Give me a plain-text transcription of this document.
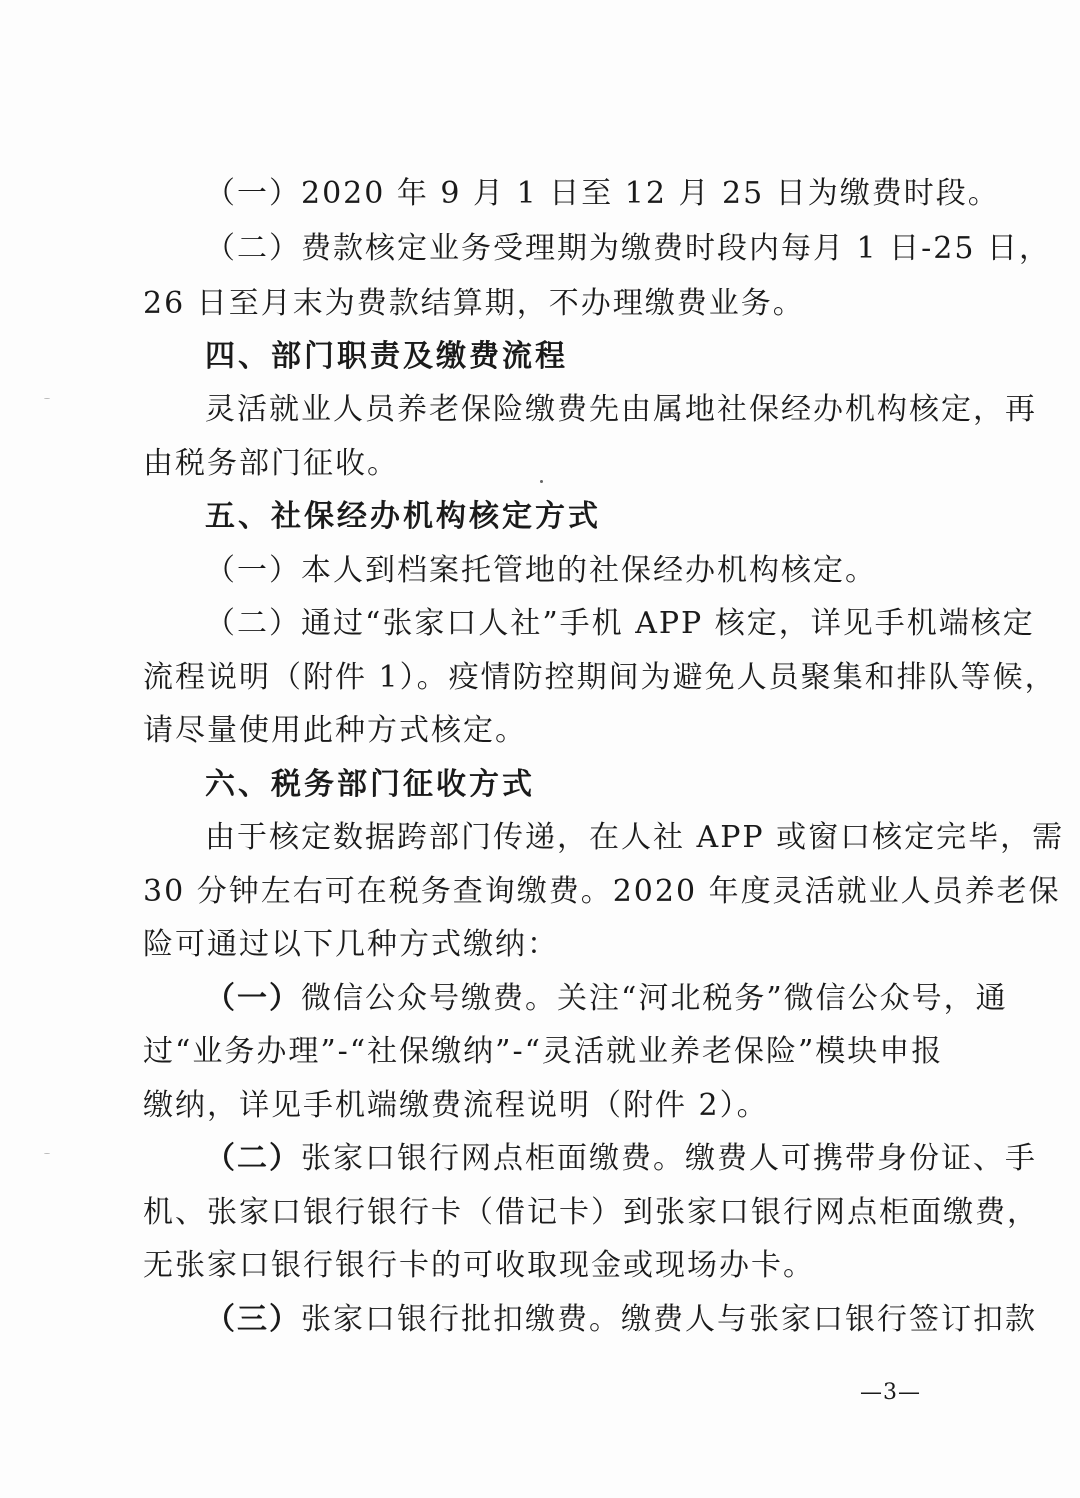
（一）2020 年 9 月 1 日至 12 月 25 日为缴费时段。
（二）费款核定业务受理期为缴费时段内每月 1 日-25 日，
26 日至月末为费款结算期，不办理缴费业务。
四、部门职责及缴费流程
灵活就业人员养老保险缴费先由属地社保经办机构核定，再
由税务部门征收。
五、社保经办机构核定方式
（一）本人到档案托管地的社保经办机构核定。
（二）通过“张家口人社”手机 APP 核定，详见手机端核定
流程说明（附件 1）。疫情防控期间为避免人员聚集和排队等候，
请尽量使用此种方式核定。
六、税务部门征收方式
由于核定数据跨部门传递，在人社 APP 或窗口核定完毕，需
30 分钟左右可在税务查询缴费。2020 年度灵活就业人员养老保
险可通过以下几种方式缴纳：
（一）微信公众号缴费。关注“河北税务”微信公众号，通
过“业务办理”-“社保缴纳”-“灵活就业养老保险”模块申报
缴纳，详见手机端缴费流程说明（附件 2）。
（二）张家口银行网点柜面缴费。缴费人可携带身份证、手
机、张家口银行银行卡（借记卡）到张家口银行网点柜面缴费，
无张家口银行银行卡的可收取现金或现场办卡。
（三）张家口银行批扣缴费。缴费人与张家口银行签订扣款
—3—
